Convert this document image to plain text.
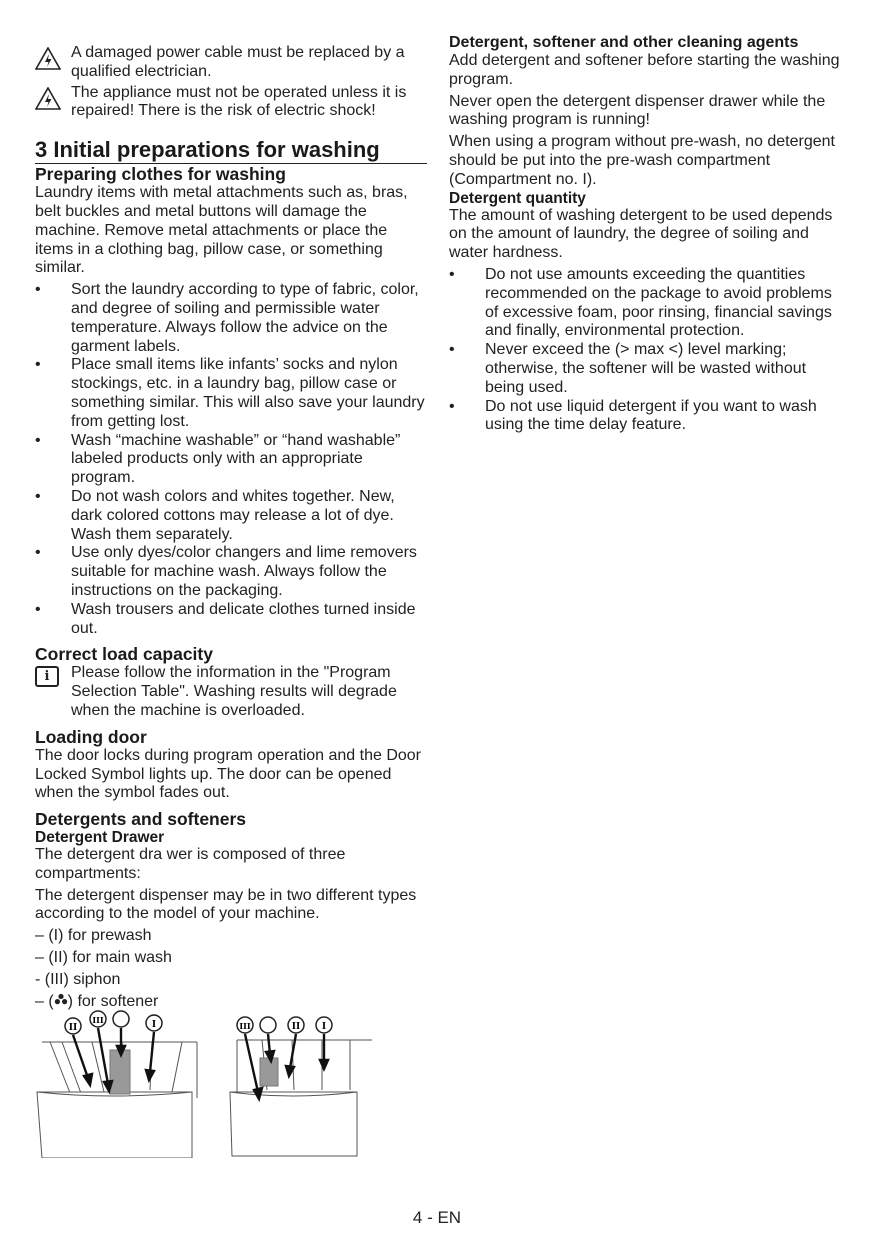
A damaged power cable must be replaced by a qualified electrician.

The appliance must not be operated unless it is repaired! There is the risk of electric shock!

3 Initial preparations for washing
Preparing clothes for washing

Laundry items with metal attachments such as, bras, belt buckles and metal buttons will damage the machine. Remove metal attachments or place the items in a clothing bag, pillow case, or something similar.

• Sort the laundry according to type of fabric, color, and degree of soiling and permissible water temperature. Always follow the advice on the garment labels.
• Place small items like infants’ socks and nylon stockings, etc. in a laundry bag, pillow case or something similar. This will also save your laundry from getting lost.
• Wash “machine washable” or “hand washable” labeled products only with an appropriate program.
• Do not wash colors and whites together. New, dark colored cottons may release a lot of dye. Wash them separately.
• Use only dyes/color changers and lime removers suitable for machine wash. Always follow the instructions on the packaging.
• Wash trousers and delicate clothes turned inside out.
Correct load capacity
i	Please follow the information in the "Program Selection Table". Washing results will degrade when the machine is overloaded.

Loading door

The door locks during program operation and the Door Locked Symbol lights up. The door can be opened when the symbol fades out.

Detergents and softeners
Detergent Drawer

The detergent dra wer is composed of three compartments:

The detergent dispenser may be in two different types according to the model of your machine.

– (I) for prewash

– (II) for main wash

- (III) siphon

– ( ) for softener

II
III	I	III	II I
Detergent, softener and other cleaning agents

Add detergent and softener before starting the washing program.

Never open the detergent dispenser drawer while the washing program is running!

When using a program without pre-wash, no detergent should be put into the pre-wash compartment (Compartment no. I).

Detergent quantity

The amount of washing detergent to be used depends on the amount of laundry, the degree of soiling and water hardness.

• Do not use amounts exceeding the quantities recommended on the package to avoid problems of excessive foam, poor rinsing, financial savings and finally, environmental protection.
• Never exceed the (> max <) level marking; otherwise, the softener will be wasted without being used.
• Do not use liquid detergent if you want to wash using the time delay feature.
4 - EN
